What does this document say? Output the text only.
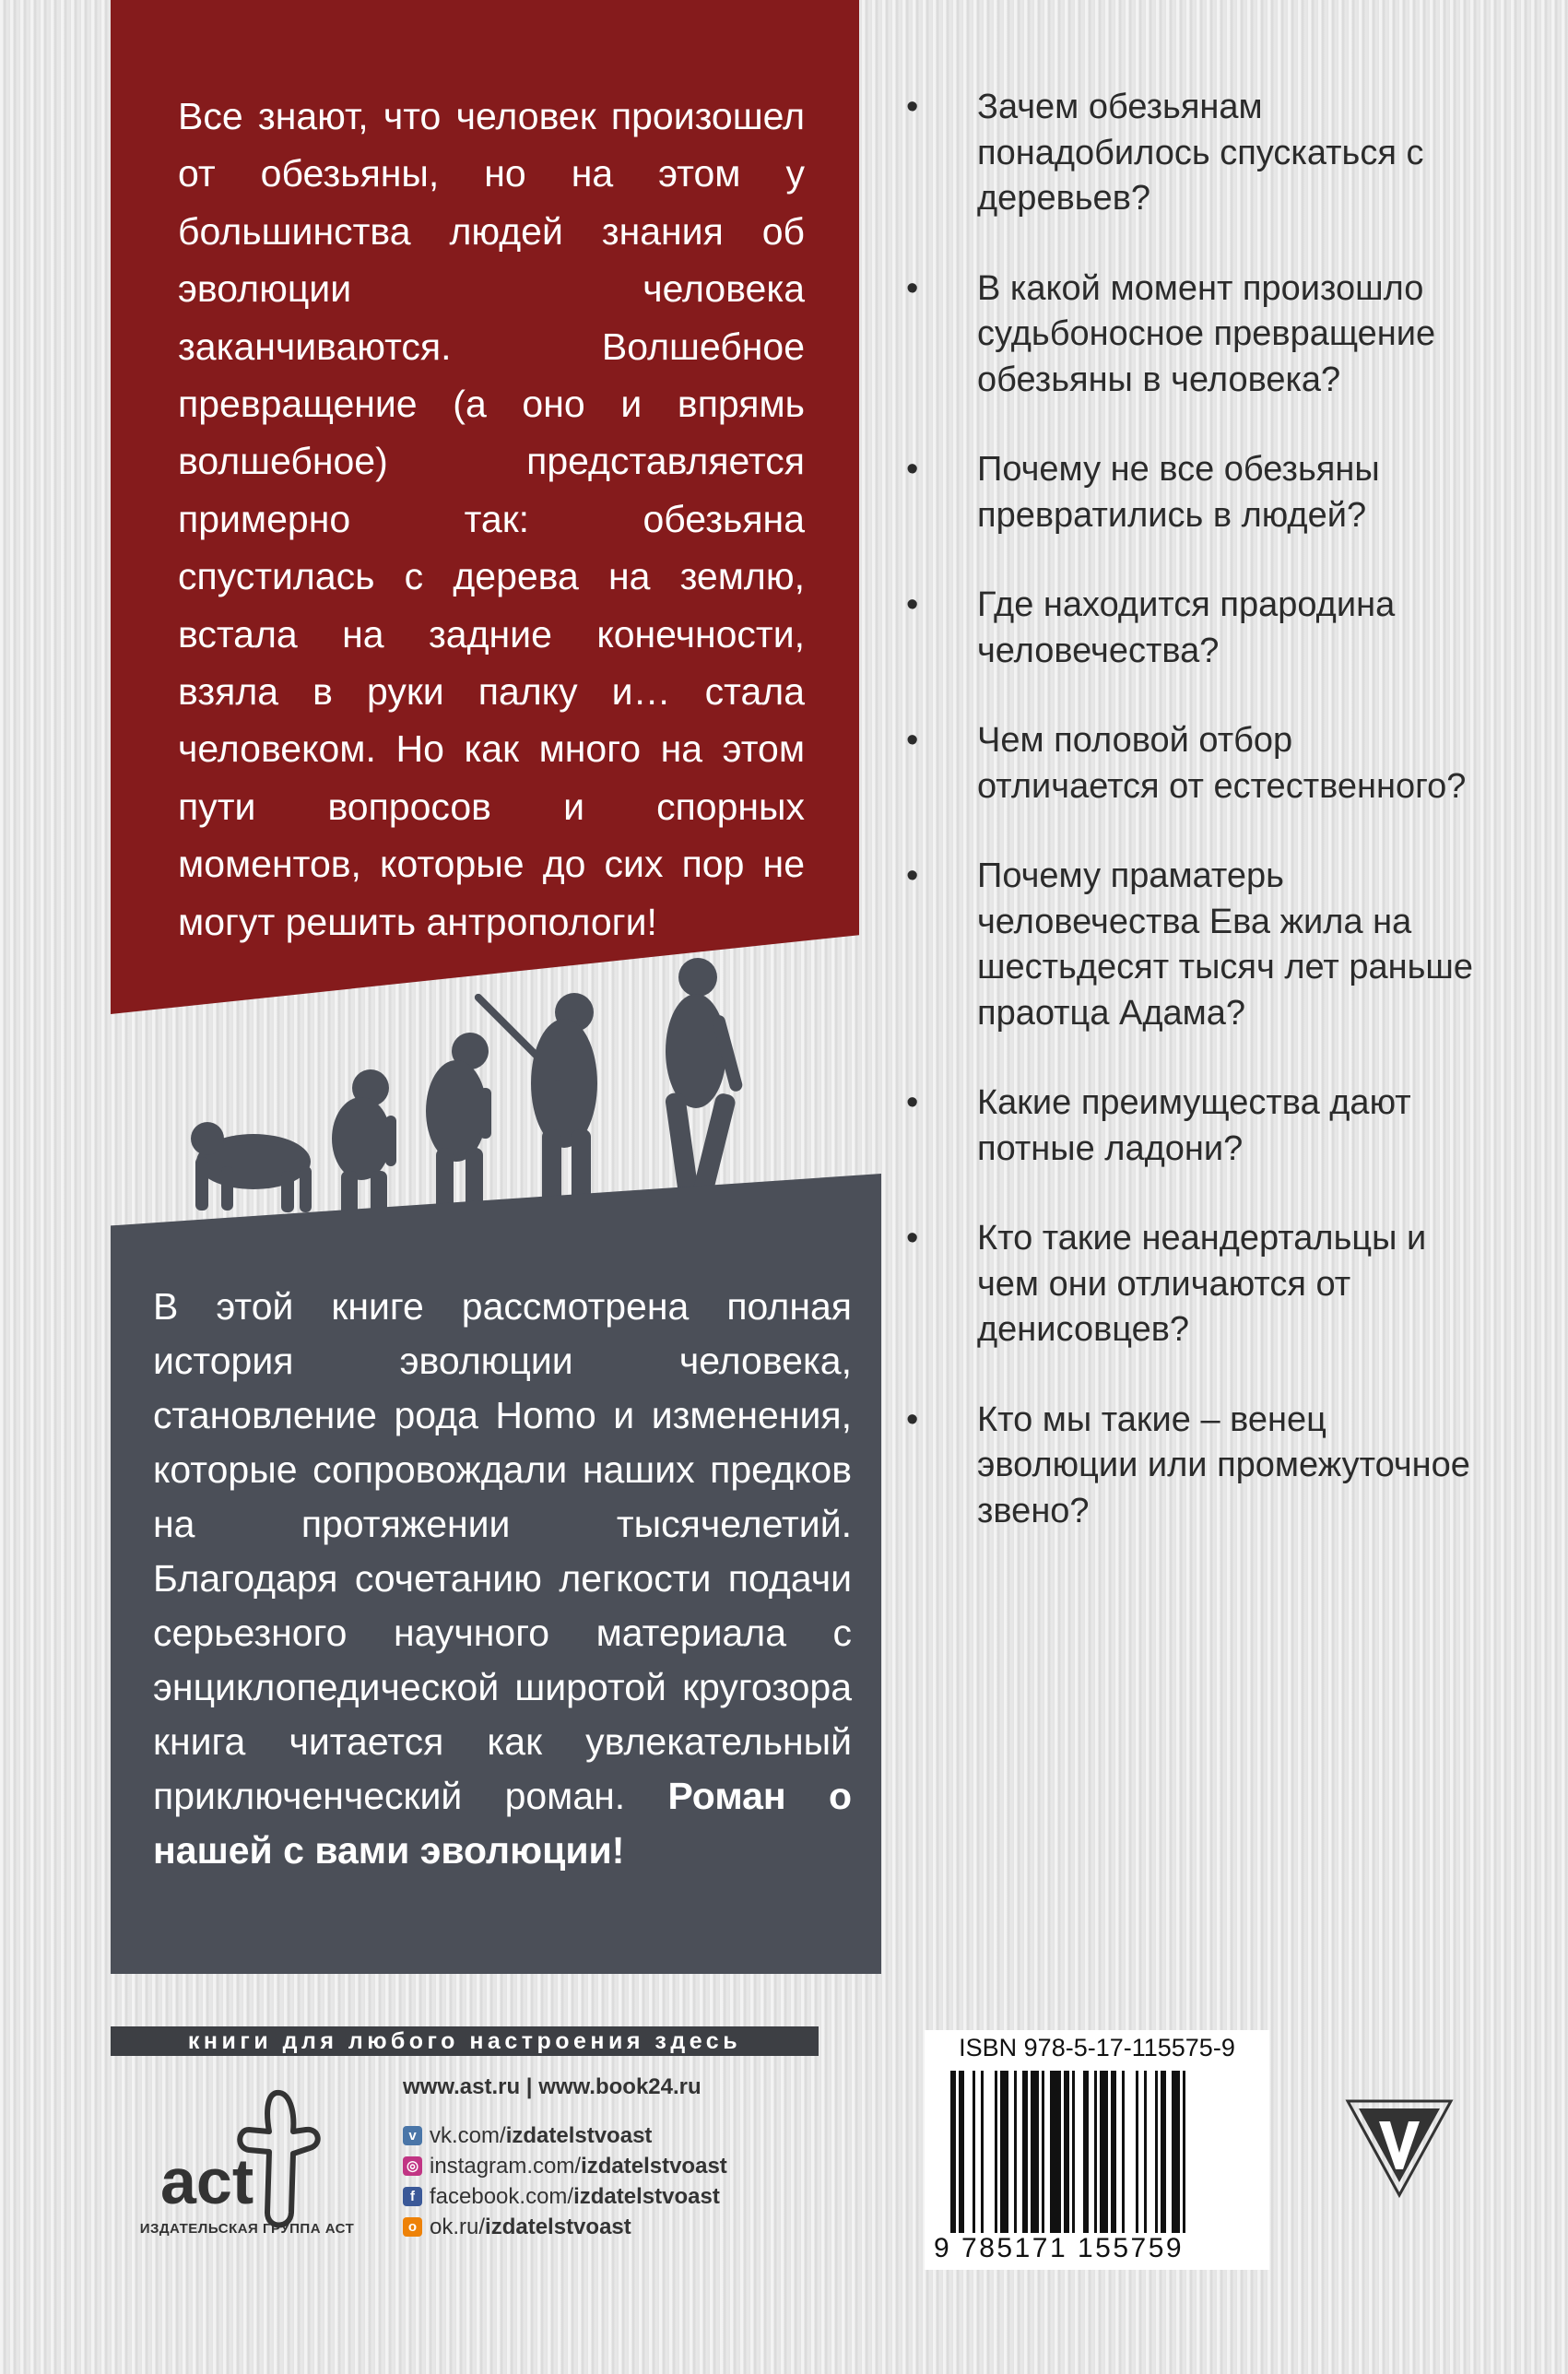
Все знают, что человек произошел от обезьяны, но на этом у большинства людей знания об эволюции человека заканчиваются. Волшебное превращение (а оно и впрямь волшебное) представляется примерно так: обезьяна спустилась с дерева на землю, встала на задние конечности, взяла в руки палку и… стала человеком. Но как много на этом пути вопросов и спорных моментов, которые до сих пор не могут решить антропологи!

В этой книге рассмотрена полная история эволюции человека, становление рода Homo и изменения, которые сопровождали наших предков на протяжении тысячелетий. Благодаря сочетанию легкости подачи серьезного научного материала с энциклопедической широтой кругозора книга читается как увлекательный приключенческий роман. Роман о нашей с вами эволюции!

• Зачем обезьянам понадобилось спускаться с деревьев?
• В какой момент произошло судьбоносное превращение обезьяны в человека?
• Почему не все обезьяны превратились в людей?
• Где находится прародина человечества?
• Чем половой отбор отличается от естественного?
• Почему праматерь человечества Ева жила на шестьдесят тысяч лет раньше праотца Адама?
• Какие преимущества дают потные ладони?
• Кто такие неандертальцы и чем они отличаются от денисовцев?
• Кто мы такие – венец эволюции или промежуточное звено?
книги для любого настроения здесь
act
ИЗДАТЕЛЬСКАЯ ГРУППА АСТ
www.ast.ru | www.book24.ru
v vk.com/ izdatelstvoast
◎ instagram.com/ izdatelstvoast
f facebook.com/ izdatelstvoast
o ok.ru/ izdatelstvoast
ISBN 978-5-17-115575-9
9 785171 155759
